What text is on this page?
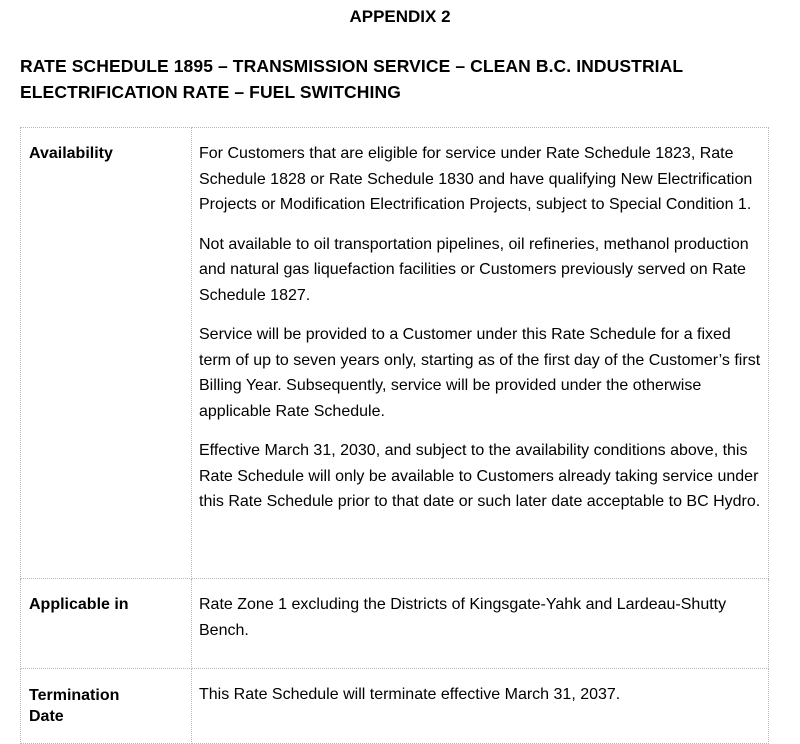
APPENDIX 2
RATE SCHEDULE 1895 – TRANSMISSION SERVICE – CLEAN B.C. INDUSTRIAL
ELECTRIFICATION RATE – FUEL SWITCHING
Availability	For Customers that are eligible for service under Rate Schedule 1823, Rate Schedule 1828 or Rate Schedule 1830 and have qualifying New Electrification Projects or Modification Electrification Projects, subject to Special Condition 1.

Not available to oil transportation pipelines, oil refineries, methanol production and natural gas liquefaction facilities or Customers previously served on Rate Schedule 1827.

Service will be provided to a Customer under this Rate Schedule for a fixed term of up to seven years only, starting as of the first day of the Customer’s first Billing Year. Subsequently, service will be provided under the otherwise applicable Rate Schedule.

Effective March 31, 2030, and subject to the availability conditions above, this Rate Schedule will only be available to Customers already taking service under this Rate Schedule prior to that date or such later date acceptable to BC Hydro.

Applicable in	Rate Zone 1 excluding the Districts of Kingsgate-Yahk and Lardeau-Shutty Bench.

Termination
Date	This Rate Schedule will terminate effective March 31, 2037.
